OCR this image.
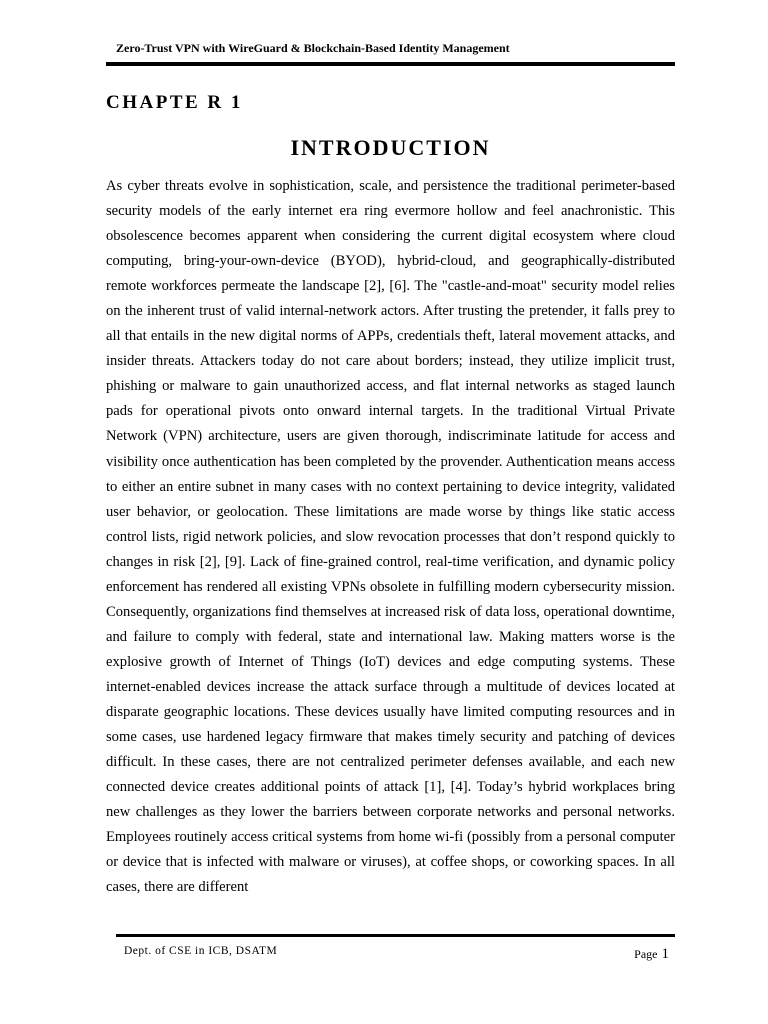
Zero-Trust VPN with WireGuard & Blockchain-Based Identity Management
CHAPTE R 1
INTRODUCTION

As cyber threats evolve in sophistication, scale, and persistence the traditional perimeter-based security models of the early internet era ring evermore hollow and feel anachronistic. This obsolescence becomes apparent when considering the current digital ecosystem where cloud computing, bring-your-own-device (BYOD), hybrid-cloud, and geographically-distributed remote workforces permeate the landscape [2], [6]. The "castle-and-moat" security model relies on the inherent trust of valid internal-network actors. After trusting the pretender, it falls prey to all that entails in the new digital norms of APPs, credentials theft, lateral movement attacks, and insider threats. Attackers today do not care about borders; instead, they utilize implicit trust, phishing or malware to gain unauthorized access, and flat internal networks as staged launch pads for operational pivots onto onward internal targets. In the traditional Virtual Private Network (VPN) architecture, users are given thorough, indiscriminate latitude for access and visibility once authentication has been completed by the provender. Authentication means access to either an entire subnet in many cases with no context pertaining to device integrity, validated user behavior, or geolocation. These limitations are made worse by things like static access control lists, rigid network policies, and slow revocation processes that don’t respond quickly to changes in risk [2], [9]. Lack of fine-grained control, real-time verification, and dynamic policy enforcement has rendered all existing VPNs obsolete in fulfilling modern cybersecurity mission. Consequently, organizations find themselves at increased risk of data loss, operational downtime, and failure to comply with federal, state and international law. Making matters worse is the explosive growth of Internet of Things (IoT) devices and edge computing systems. These internet-enabled devices increase the attack surface through a multitude of devices located at disparate geographic locations. These devices usually have limited computing resources and in some cases, use hardened legacy firmware that makes timely security and patching of devices difficult. In these cases, there are not centralized perimeter defenses available, and each new connected device creates additional points of attack [1], [4]. Today’s hybrid workplaces bring new challenges as they lower the barriers between corporate networks and personal networks. Employees routinely access critical systems from home wi-fi (possibly from a personal computer or device that is infected with malware or viruses), at coffee shops, or coworking spaces. In all cases, there are different

Dept. of CSE in ICB, DSATM	Page 1
